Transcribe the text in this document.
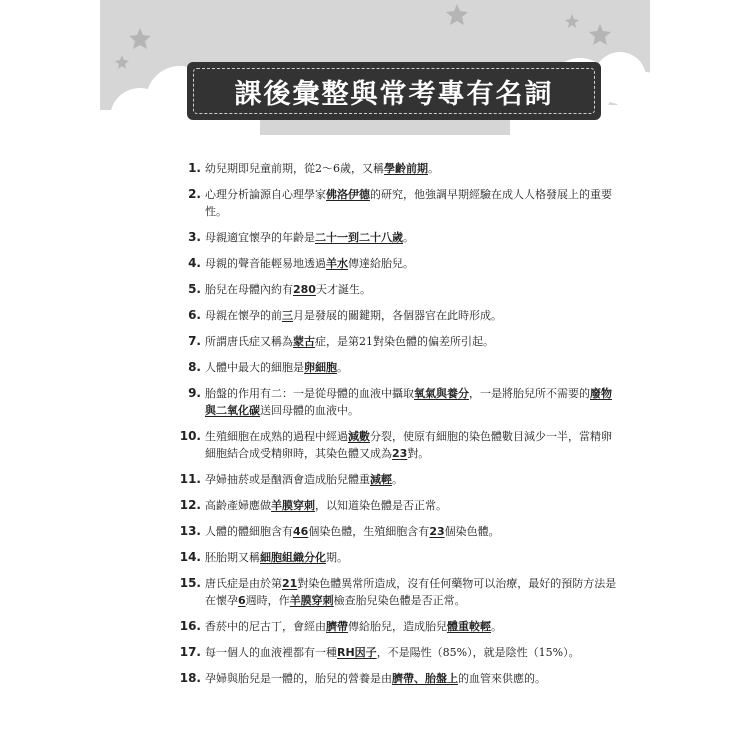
課後彙整與常考專有名詞
1. 幼兒期即兒童前期，從2～6歲，又稱學齡前期。
2. 心理分析論源自心理學家佛洛伊德的研究，他強調早期經驗在成人人格發展上的重要性。
3. 母親適宜懷孕的年齡是二十一到二十八歲。
4. 母親的聲音能輕易地透過羊水傳達給胎兒。
5. 胎兒在母體內約有280天才誕生。
6. 母親在懷孕的前三月是發展的關鍵期，各個器官在此時形成。
7. 所謂唐氏症又稱為蒙古症，是第21對染色體的偏差所引起。
8. 人體中最大的細胞是卵細胞。
9. 胎盤的作用有二：一是從母體的血液中攝取氧氣與養分，一是將胎兒所不需要的廢物與二氧化碳送回母體的血液中。
10. 生殖細胞在成熟的過程中經過減數分裂，使原有細胞的染色體數目減少一半，當精卵細胞結合成受精卵時，其染色體又成為23對。
11. 孕婦抽菸或是酗酒會造成胎兒體重減輕。
12. 高齡產婦應做羊膜穿刺，以知道染色體是否正常。
13. 人體的體細胞含有46個染色體，生殖細胞含有23個染色體。
14. 胚胎期又稱細胞組織分化期。
15. 唐氏症是由於第21對染色體異常所造成，沒有任何藥物可以治療，最好的預防方法是在懷孕6週時，作羊膜穿刺檢查胎兒染色體是否正常。
16. 香菸中的尼古丁，會經由臍帶傳給胎兒，造成胎兒體重較輕。
17. 每一個人的血液裡都有一種RH因子，不是陽性（85%），就是陰性（15%）。
18. 孕婦與胎兒是一體的，胎兒的營養是由臍帶、胎盤上的血管來供應的。
